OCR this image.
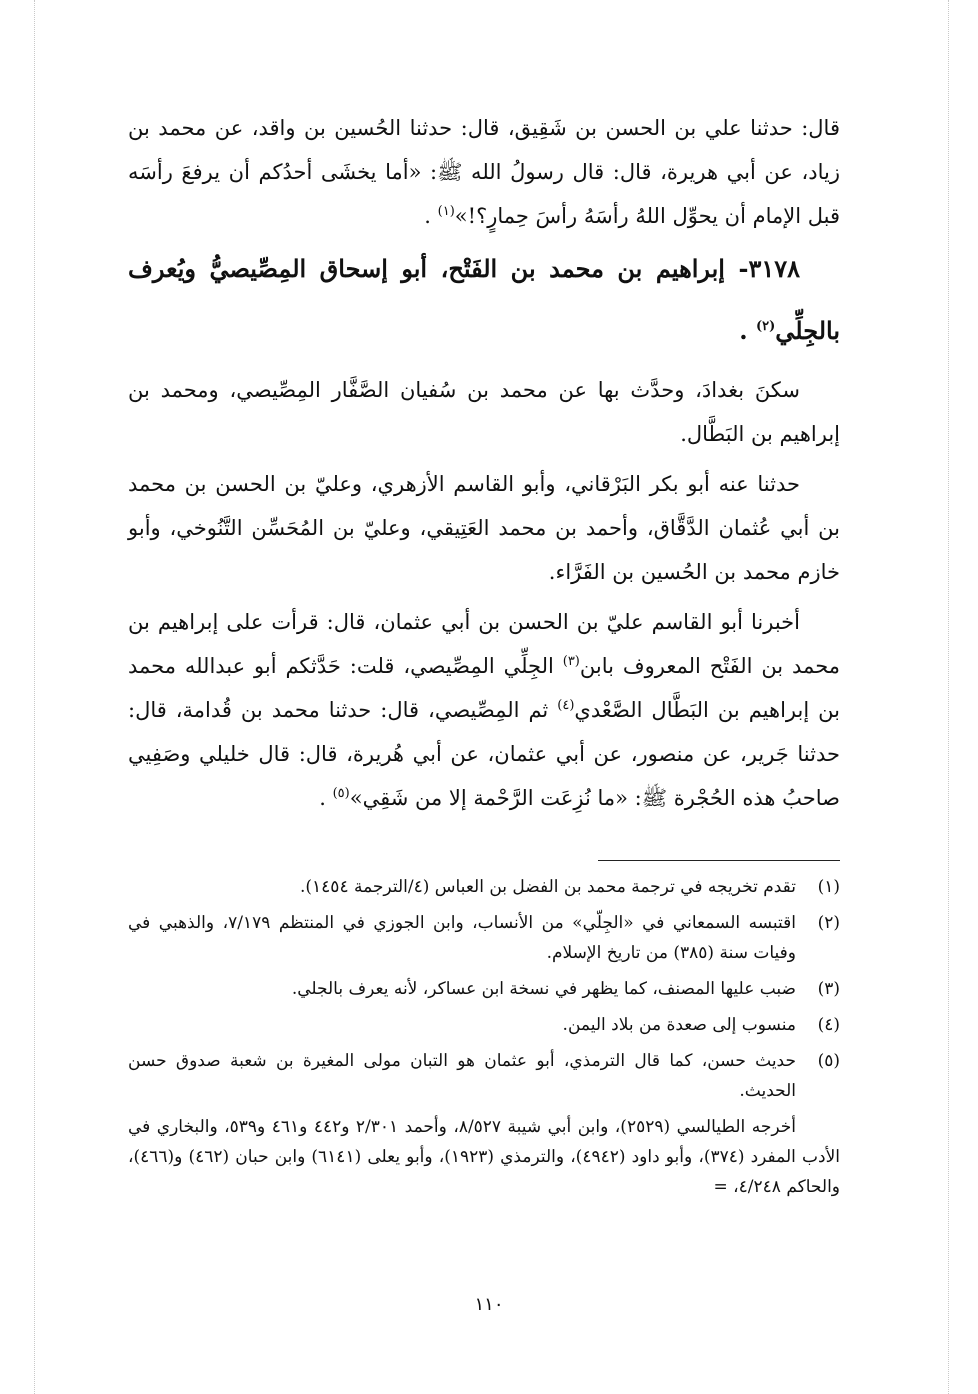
قال: حدثنا علي بن الحسن بن شَقِيق، قال: حدثنا الحُسين بن واقد، عن محمد بن زياد، عن أبي هريرة، قال: قال رسولُ الله ﷺ: «أما يخشَى أحدُكم أن يرفعَ رأسَه قبل الإمام أن يحوِّل اللهُ رأسَهُ رأسَ حِمارٍ؟!»$^{(١)}$ .

٣١٧٨- إبراهيم بن محمد بن الفَتْح، أبو إسحاق المِصِّيصيُّ ويُعرف بالجِلِّي$^{(٢)}$ .

سكنَ بغدادَ، وحدَّث بها عن محمد بن سُفيان الصَّفَّار المِصِّيصي، ومحمد بن إبراهيم بن البَطَّال.

حدثنا عنه أبو بكر البَرْقاني، وأبو القاسم الأزهري، وعليّ بن الحسن بن محمد بن أبي عُثمان الدَّقَّاق، وأحمد بن محمد العَتِيقي، وعليّ بن المُحَسِّن التَّنُوخي، وأبو خازم محمد بن الحُسين بن الفَرَّاء.

أخبرنا أبو القاسم عليّ بن الحسن بن أبي عثمان، قال: قرأت على إبراهيم بن محمد بن الفَتْح المعروف بابن$^{(٣)}$ الجِلِّي المِصِّيصي، قلت: حَدَّثكم أبو عبدالله محمد بن إبراهيم بن البَطَّال الصَّعْدي$^{(٤)}$ ثم المِصِّيصي، قال: حدثنا محمد بن قُدامة، قال: حدثنا جَرير، عن منصور، عن أبي عثمان، عن أبي هُريرة، قال: قال خليلي وصَفِيي صاحبُ هذه الحُجْرة ﷺ: «ما نُزِعَت الرَّحْمة إلا من شَقِي»$^{(٥)}$ .

(١)
تقدم تخريجه في ترجمة محمد بن الفضل بن العباس (٤/الترجمة ١٤٥٤).
(٢)
اقتبسه السمعاني في «الجِلّي» من الأنساب، وابن الجوزي في المنتظم ٧/١٧٩، والذهبي في وفيات سنة (٣٨٥) من تاريخ الإسلام.
(٣)
ضبب عليها المصنف، كما يظهر في نسخة ابن عساكر، لأنه يعرف بالجلي.
(٤)
منسوب إلى صعدة من بلاد اليمن.
(٥)
حديث حسن، كما قال الترمذي، أبو عثمان هو التبان مولى المغيرة بن شعبة صدوق حسن الحديث.

أخرجه الطيالسي (٢٥٢٩)، وابن أبي شيبة ٨/٥٢٧، وأحمد ٢/٣٠١ و٤٤٢ و٤٦١ و٥٣٩، والبخاري في الأدب المفرد (٣٧٤)، وأبو داود (٤٩٤٢)، والترمذي (١٩٢٣)، وأبو يعلى (٦١٤١) وابن حبان (٤٦٢) و(٤٦٦)، والحاكم ٤/٢٤٨، =

١١٠
